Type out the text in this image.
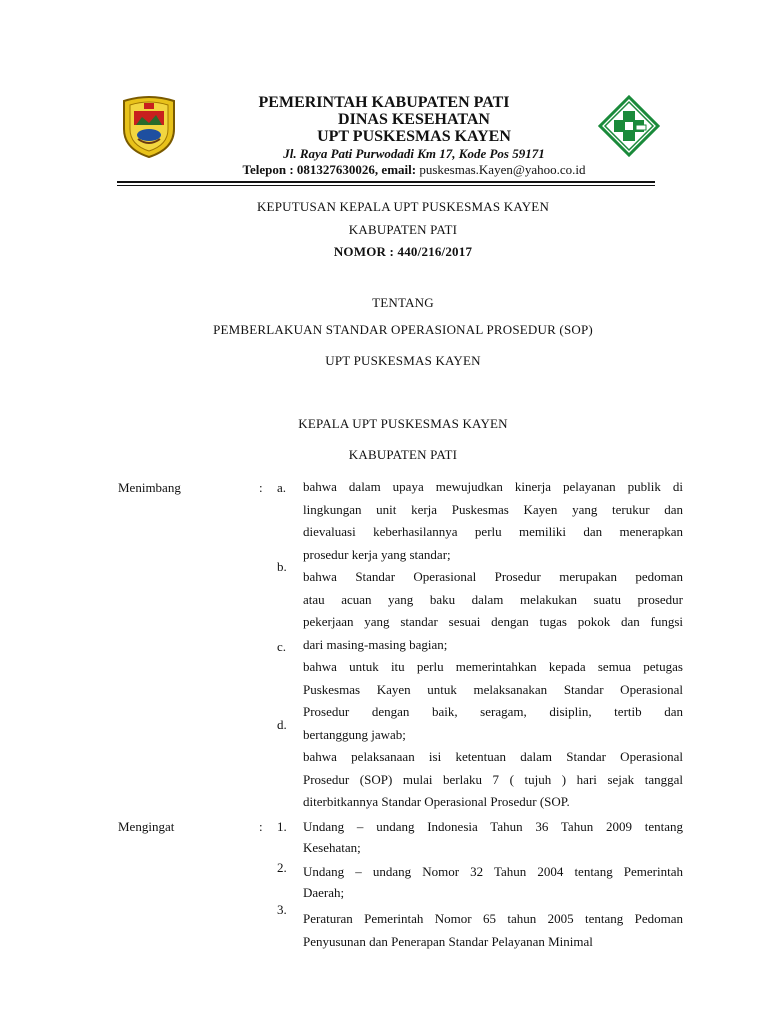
PEMERINTAH KABUPATEN PATI
DINAS KESEHATAN
UPT PUSKESMAS KAYEN
Jl. Raya Pati Purwodadi Km 17, Kode Pos 59171
Telepon : 081327630026, email: puskesmas.Kayen@yahoo.co.id
KEPUTUSAN KEPALA UPT PUSKESMAS KAYEN
KABUPATEN PATI
NOMOR : 440/216/2017
TENTANG
PEMBERLAKUAN STANDAR OPERASIONAL PROSEDUR (SOP)
UPT PUSKESMAS KAYEN
KEPALA UPT PUSKESMAS KAYEN
KABUPATEN PATI
Menimbang	: a.
b.
c.
d.
bahwa dalam upaya mewujudkan kinerja pelayanan publik di
lingkungan unit kerja Puskesmas Kayen yang terukur dan
dievaluasi keberhasilannya perlu memiliki dan menerapkan
prosedur kerja yang standar;
bahwa Standar Operasional Prosedur merupakan pedoman
atau acuan yang baku dalam melakukan suatu prosedur
pekerjaan yang standar sesuai dengan tugas pokok dan fungsi
dari masing-masing bagian;
bahwa untuk itu perlu memerintahkan kepada semua petugas
Puskesmas Kayen untuk melaksanakan Standar Operasional
Prosedur dengan baik, seragam, disiplin, tertib dan
bertanggung jawab;
bahwa pelaksanaan isi ketentuan dalam Standar Operasional
Prosedur (SOP) mulai berlaku 7 ( tujuh ) hari sejak tanggal
diterbitkannya Standar Operasional Prosedur (SOP.
Mengingat	: 1.
2.
3.
Undang – undang Indonesia Tahun 36 Tahun 2009 tentang
Kesehatan;
Undang – undang Nomor 32 Tahun 2004 tentang Pemerintah
Daerah;
Peraturan Pemerintah Nomor 65 tahun 2005 tentang Pedoman
Penyusunan dan Penerapan Standar Pelayanan Minimal
